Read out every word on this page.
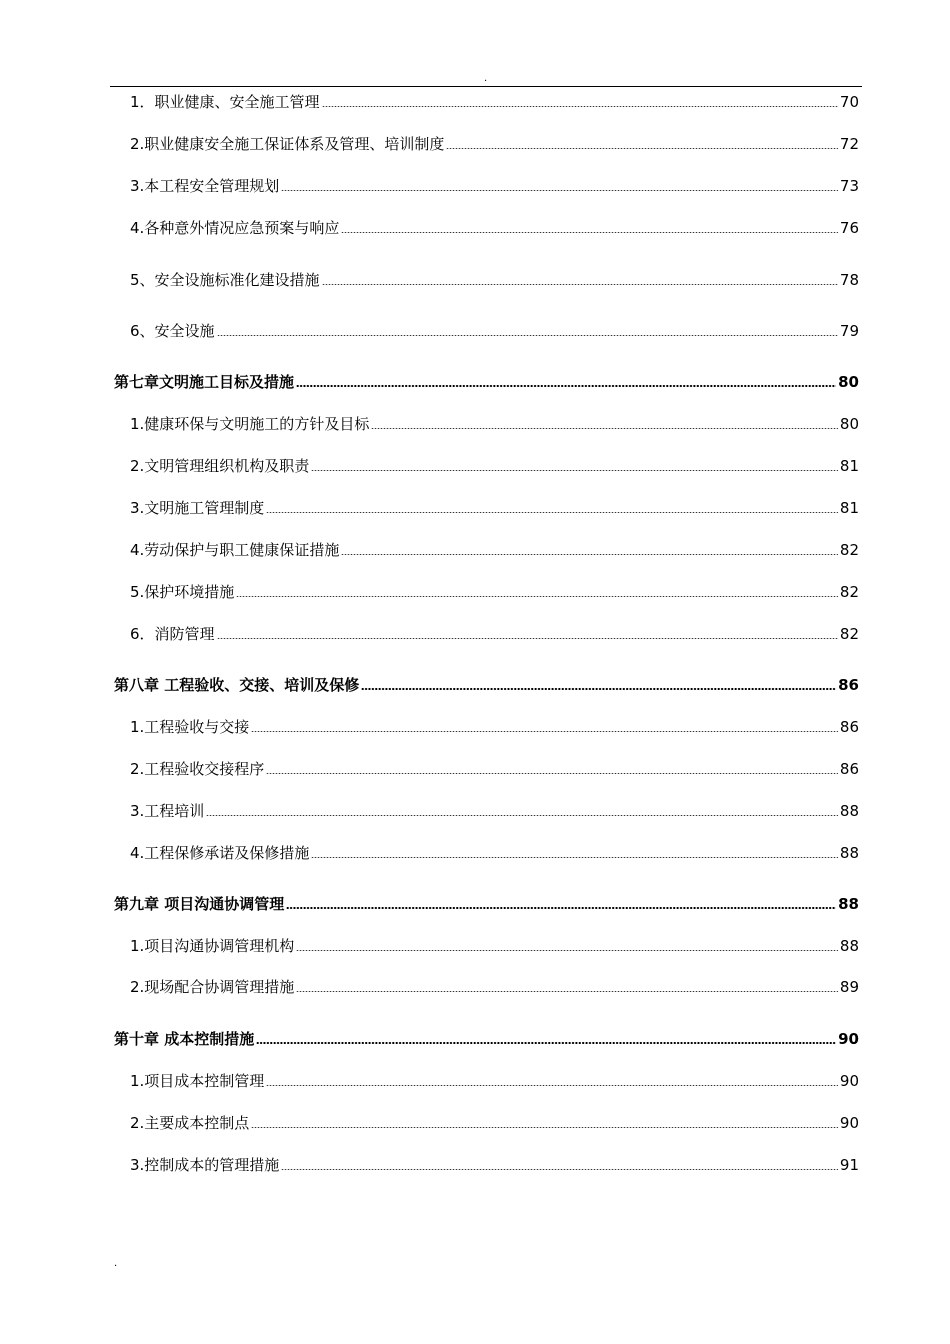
.
1．职业健康、安全施工管理	70
2.职业健康安全施工保证体系及管理、培训制度	72
3.本工程安全管理规划	73
4.各种意外情况应急预案与响应	76
5、安全设施标准化建设措施	78
6、安全设施	79
第七章文明施工目标及措施	80
1.健康环保与文明施工的方针及目标	80
2.文明管理组织机构及职责	81
3.文明施工管理制度	81
4.劳动保护与职工健康保证措施	82
5.保护环境措施	82
6．消防管理	82
第八章 工程验收、交接、培训及保修	86
1.工程验收与交接	86
2.工程验收交接程序	86
3.工程培训	88
4.工程保修承诺及保修措施	88
第九章 项目沟通协调管理	88
1.项目沟通协调管理机构	88
2.现场配合协调管理措施	89
第十章 成本控制措施	90
1.项目成本控制管理	90
2.主要成本控制点	90
3.控制成本的管理措施	91
.
